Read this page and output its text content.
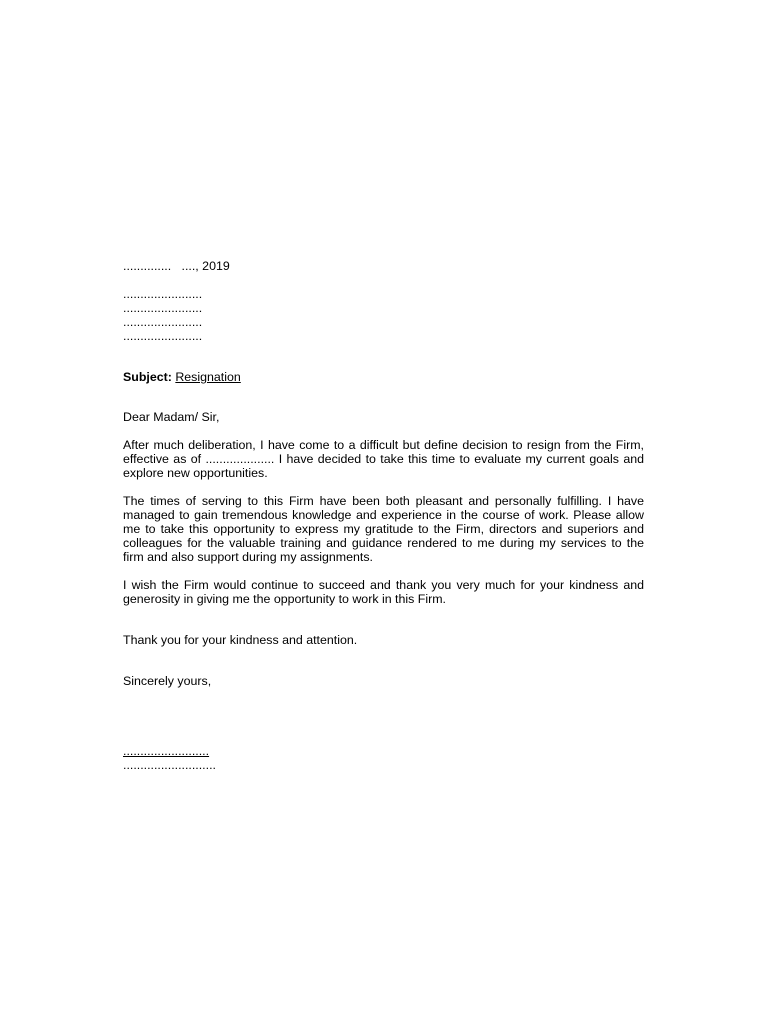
..............   ...., 2019

.......................
.......................
.......................
.......................
Subject: Resignation
Dear Madam/ Sir,
After much deliberation, I have come to a difficult but define decision to resign from the Firm, effective as of .................... I have decided to take this time to evaluate my current goals and explore new opportunities.
The times of serving to this Firm have been both pleasant and personally fulfilling. I have managed to gain tremendous knowledge and experience in the course of work. Please allow me to take this opportunity to express my gratitude to the Firm, directors and superiors and colleagues for the valuable training and guidance rendered to me during my services to the firm and also support during my assignments.
I wish the Firm would continue to succeed and thank you very much for your kindness and generosity in giving me the opportunity to work in this Firm.
Thank you for your kindness and attention.
Sincerely yours,
.........................
...........................
